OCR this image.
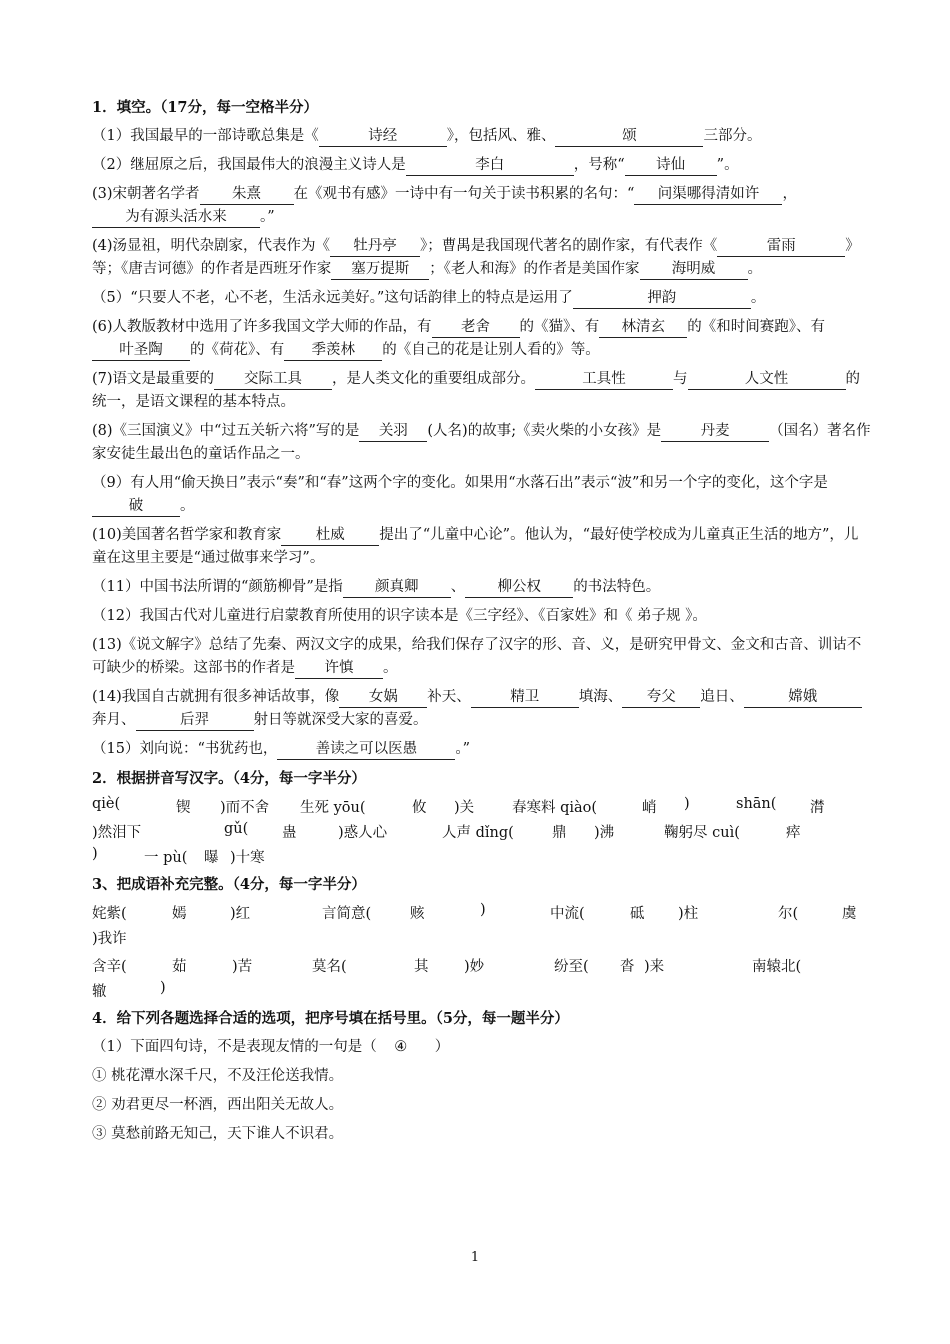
1．填空。（17分，每一空格半分）

（1）我国最早的一部诗歌总集是《	诗经	》，包括风、雅、	颂	三部分。

（2）继屈原之后，我国最伟大的浪漫主义诗人是	李白	，号称“ 诗仙 ”。

(3)宋朝著名学者 朱熹 在《观书有感》一诗中有一句关于读书积累的名句：“ 问渠哪得清如许 ，为有源头活水来 。”

(4)汤显祖，明代杂剧家，代表作为《 牡丹亭 》；曹禺是我国现代著名的剧作家，有代表作《	雷雨	》等；《唐吉诃德》的作者是西班牙作家 塞万提斯 ；《老人和海》的作者是美国作家 海明威 。

（5）“只要人不老，心不老，生活永远美好。”这句话韵律上的特点是运用了	押韵	。

(6)人教版教材中选用了许多我国文学大师的作品，有 老舍 的《猫》、有 林清玄 的《和时间赛跑》、有叶圣陶 的《荷花》、有 季羡林 的《自己的花是让别人看的》等。

(7)语文是最重要的 交际工具 ，是人类文化的重要组成部分。	工具性	与	人文性	的统一，是语文课程的基本特点。

(8)《三国演义》中“过五关斩六将”写的是 关羽 (人名)的故事;《卖火柴的小女孩》是	丹麦	（国名）著名作家安徒生最出色的童话作品之一。

（9）有人用“偷天换日”表示“奏”和“春”这两个字的变化。如果用“水落石出”表示“波”和另一个字的变化，这个字是破	。

(10)美国著名哲学家和教育家 杜威 提出了“儿童中心论”。他认为，“最好使学校成为儿童真正生活的地方”，儿童在这里主要是“通过做事来学习”。

（11）中国书法所谓的“颜筋柳骨”是指 颜真卿 、 柳公权 的书法特色。

（12）我国古代对儿童进行启蒙教育所使用的识字读本是《三字经》、《百家姓》和《 弟子规 》。

(13)《说文解字》总结了先秦、两汉文字的成果，给我们保存了汉字的形、音、义，是研究甲骨文、金文和古音、训诂不可缺少的桥梁。这部书的作者是 许慎 。

(14)我国自古就拥有很多神话故事，像 女娲 补天、	精卫	填海、 夸父 追日、	嫦娥奔月、	后羿	射日等就深受大家的喜爱。

（15）刘向说：“书犹药也，	善读之可以医愚	。”

2．根据拼音写汉字。（4分，每一字半分）

qiè(	锲 )而不舍 生死 yōu(	攸 )关	春寒料 qiào(	峭 )	shān( 潸
)然泪下	gǔ( 蛊	)惑人心	人声 dǐng(	鼎 )沸	鞠躬尽 cuì(	瘁
)	一 pù( 曝 )十寒

3、把成语补充完整。（4分，每一字半分）

姹紫(	嫣	)红	言简意(	赅	)	中流(	砥 )柱	尔(	虞
)我诈
含辛(	茹	)苦	莫名(	其 )妙	纷至( 沓 )来	南辕北(
辙	)

4．给下列各题选择合适的选项，把序号填在括号里。（5分，每一题半分）

（1）下面四句诗，不是表现友情的一句是（ ④ ）

① 桃花潭水深千尺，不及汪伦送我情。

② 劝君更尽一杯酒，西出阳关无故人。

③ 莫愁前路无知己，天下谁人不识君。

1
